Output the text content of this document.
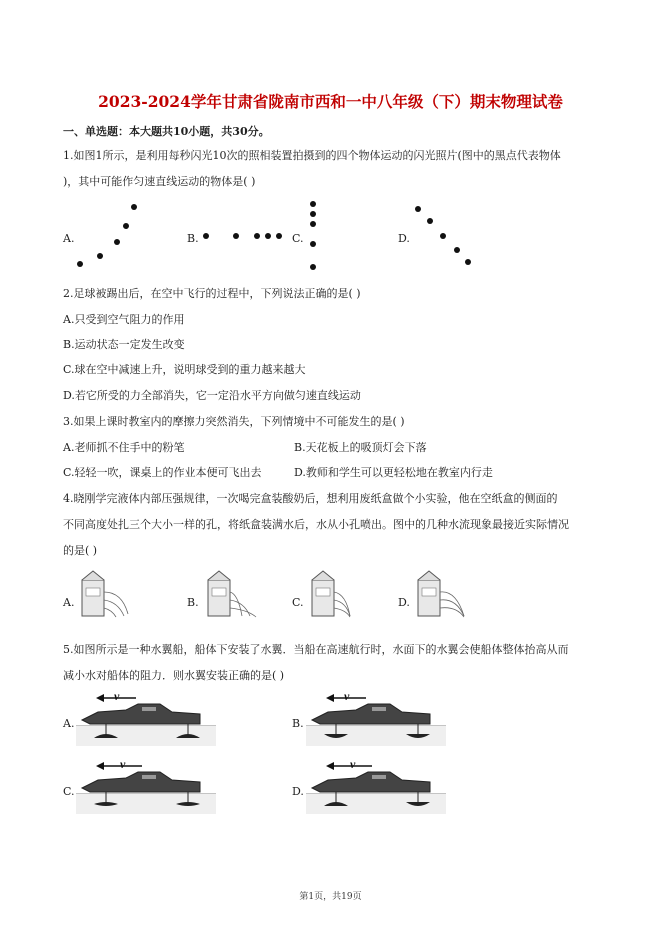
2023-2024学年甘肃省陇南市西和一中八年级（下）期末物理试卷
一、单选题：本大题共10小题，共30分。
1.如图1所示，是利用每秒闪光10次的照相装置拍摄到的四个物体运动的闪光照片(图中的黑点代表物体
)，其中可能作匀速直线运动的物体是( )
A.	B.	C.	D.
2.足球被踢出后，在空中飞行的过程中，下列说法正确的是( )
A.只受到空气阻力的作用
B.运动状态一定发生改变
C.球在空中减速上升，说明球受到的重力越来越大
D.若它所受的力全部消失，它一定沿水平方向做匀速直线运动
3.如果上课时教室内的摩擦力突然消失，下列情境中不可能发生的是( )
A.老师抓不住手中的粉笔	B.天花板上的吸顶灯会下落
C.轻轻一吹，课桌上的作业本便可飞出去	D.教师和学生可以更轻松地在教室内行走
4.晓刚学完液体内部压强规律，一次喝完盒装酸奶后，想利用废纸盒做个小实验，他在空纸盒的侧面的
不同高度处扎三个大小一样的孔，将纸盒装满水后，水从小孔喷出。图中的几种水流现象最接近实际情况
的是( )
A.	B.	C.	D.
5.如图所示是一种水翼船，船体下安装了水翼．当船在高速航行时，水面下的水翼会使船体整体抬高从而
减小水对船体的阻力．则水翼安装正确的是( )
A.
v
B.
v
C.
v
D.
v
第1页，共19页
